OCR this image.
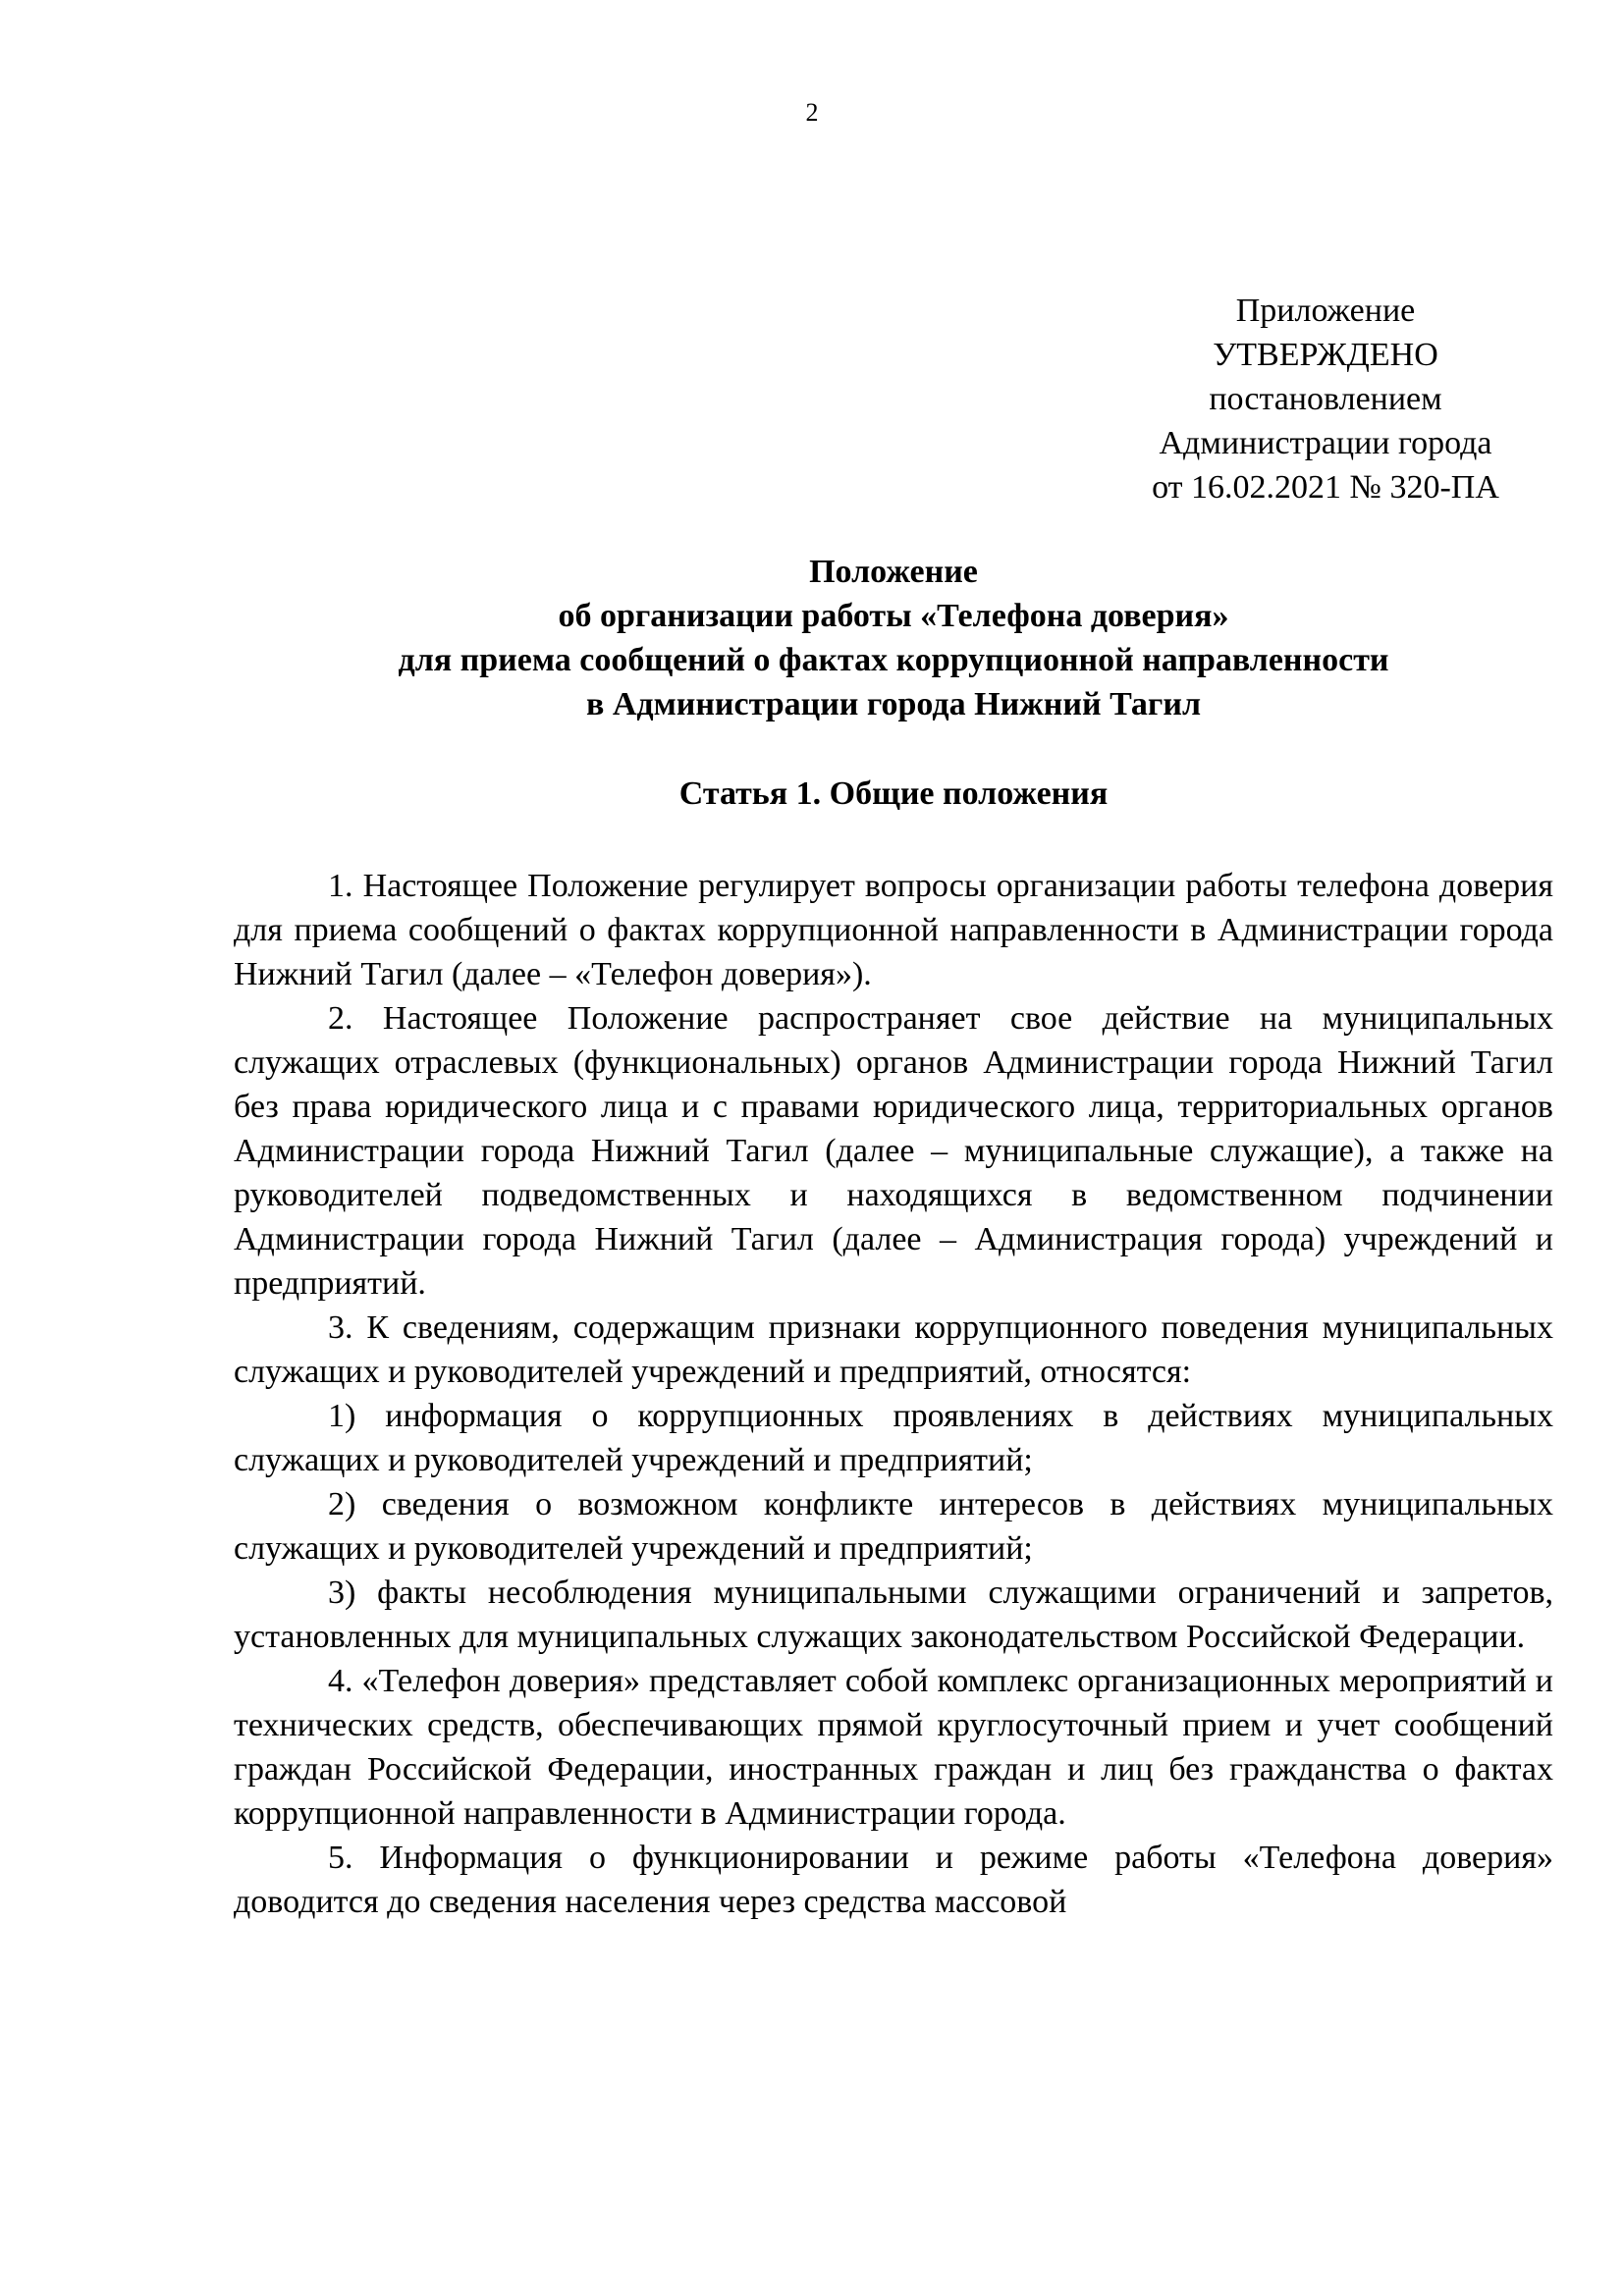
2
Приложение
УТВЕРЖДЕНО
постановлением
Администрации города
от 16.02.2021 № 320-ПА
Положение
об организации работы «Телефона доверия»
для приема сообщений о фактах коррупционной направленности
в Администрации города Нижний Тагил
Статья 1. Общие положения

1. Настоящее Положение регулирует вопросы организации работы телефона доверия для приема сообщений о фактах коррупционной направленности в Администрации города Нижний Тагил (далее – «Телефон доверия»).

2. Настоящее Положение распространяет свое действие на муниципальных служащих отраслевых (функциональных) органов Администрации города Нижний Тагил без права юридического лица и с правами юридического лица, территориальных органов Администрации города Нижний Тагил (далее – муниципальные служащие), а также на руководителей подведомственных и находящихся в ведомственном подчинении Администрации города Нижний Тагил (далее – Администрация города) учреждений и предприятий.

3. К сведениям, содержащим признаки коррупционного поведения муниципальных служащих и руководителей учреждений и предприятий, относятся:

1) информация о коррупционных проявлениях в действиях муниципальных служащих и руководителей учреждений и предприятий;

2) сведения о возможном конфликте интересов в действиях муниципальных служащих и руководителей учреждений и предприятий;

3) факты несоблюдения муниципальными служащими ограничений и запретов, установленных для муниципальных служащих законодательством Российской Федерации.

4. «Телефон доверия» представляет собой комплекс организационных мероприятий и технических средств, обеспечивающих прямой круглосуточный прием и учет сообщений граждан Российской Федерации, иностранных граждан и лиц без гражданства о фактах коррупционной направленности в Администрации города.

5. Информация о функционировании и режиме работы «Телефона доверия» доводится до сведения населения через средства массовой
